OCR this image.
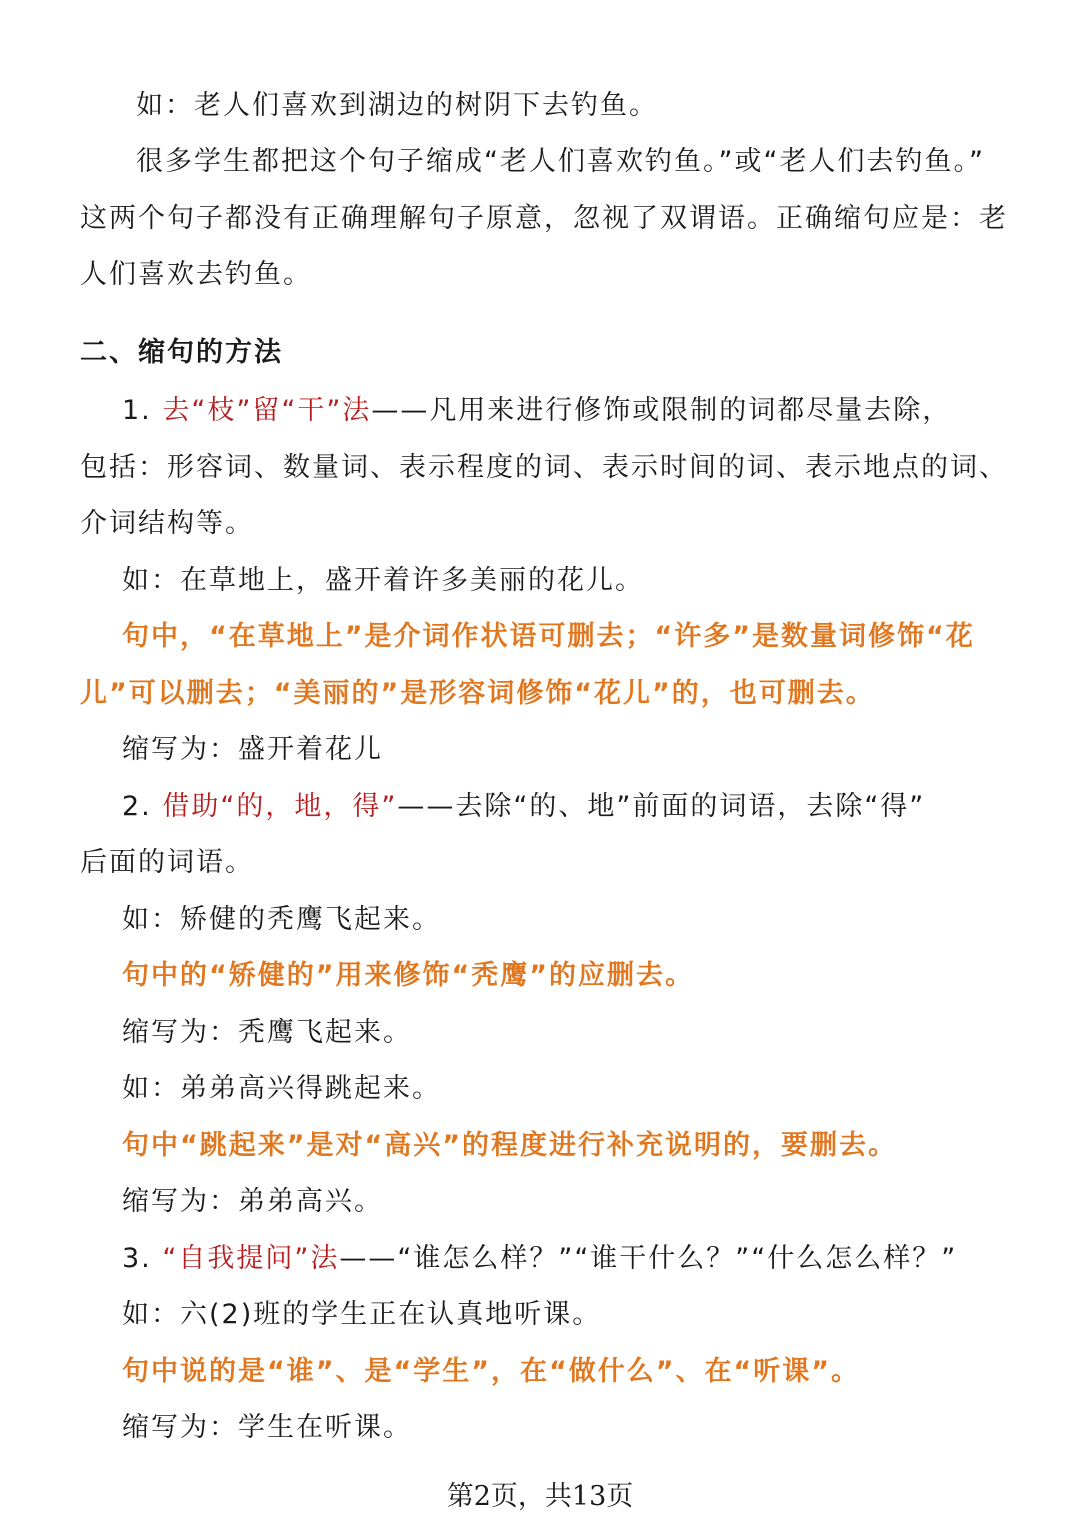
如：老人们喜欢到湖边的树阴下去钓鱼。

很多学生都把这个句子缩成“老人们喜欢钓鱼。”或“老人们去钓鱼。”

这两个句子都没有正确理解句子原意，忽视了双谓语。正确缩句应是：老

人们喜欢去钓鱼。

二、缩句的方法

1. 去“枝”留“干”法——凡用来进行修饰或限制的词都尽量去除，

包括：形容词、数量词、表示程度的词、表示时间的词、表示地点的词、

介词结构等。

如：在草地上，盛开着许多美丽的花儿。

句中，“在草地上”是介词作状语可删去；“许多”是数量词修饰“花

儿”可以删去；“美丽的”是形容词修饰“花儿”的，也可删去。

缩写为：盛开着花儿

2. 借助“的，地，得”——去除“的、地”前面的词语，去除“得”

后面的词语。

如：矫健的秃鹰飞起来。

句中的“矫健的”用来修饰“秃鹰”的应删去。

缩写为：秃鹰飞起来。

如：弟弟高兴得跳起来。

句中“跳起来”是对“高兴”的程度进行补充说明的，要删去。

缩写为：弟弟高兴。

3. “自我提问”法——“谁怎么样？”“谁干什么？”“什么怎么样？”

如：六(2)班的学生正在认真地听课。

句中说的是“谁”、是“学生”，在“做什么”、在“听课”。

缩写为：学生在听课。

第2页，共13页
